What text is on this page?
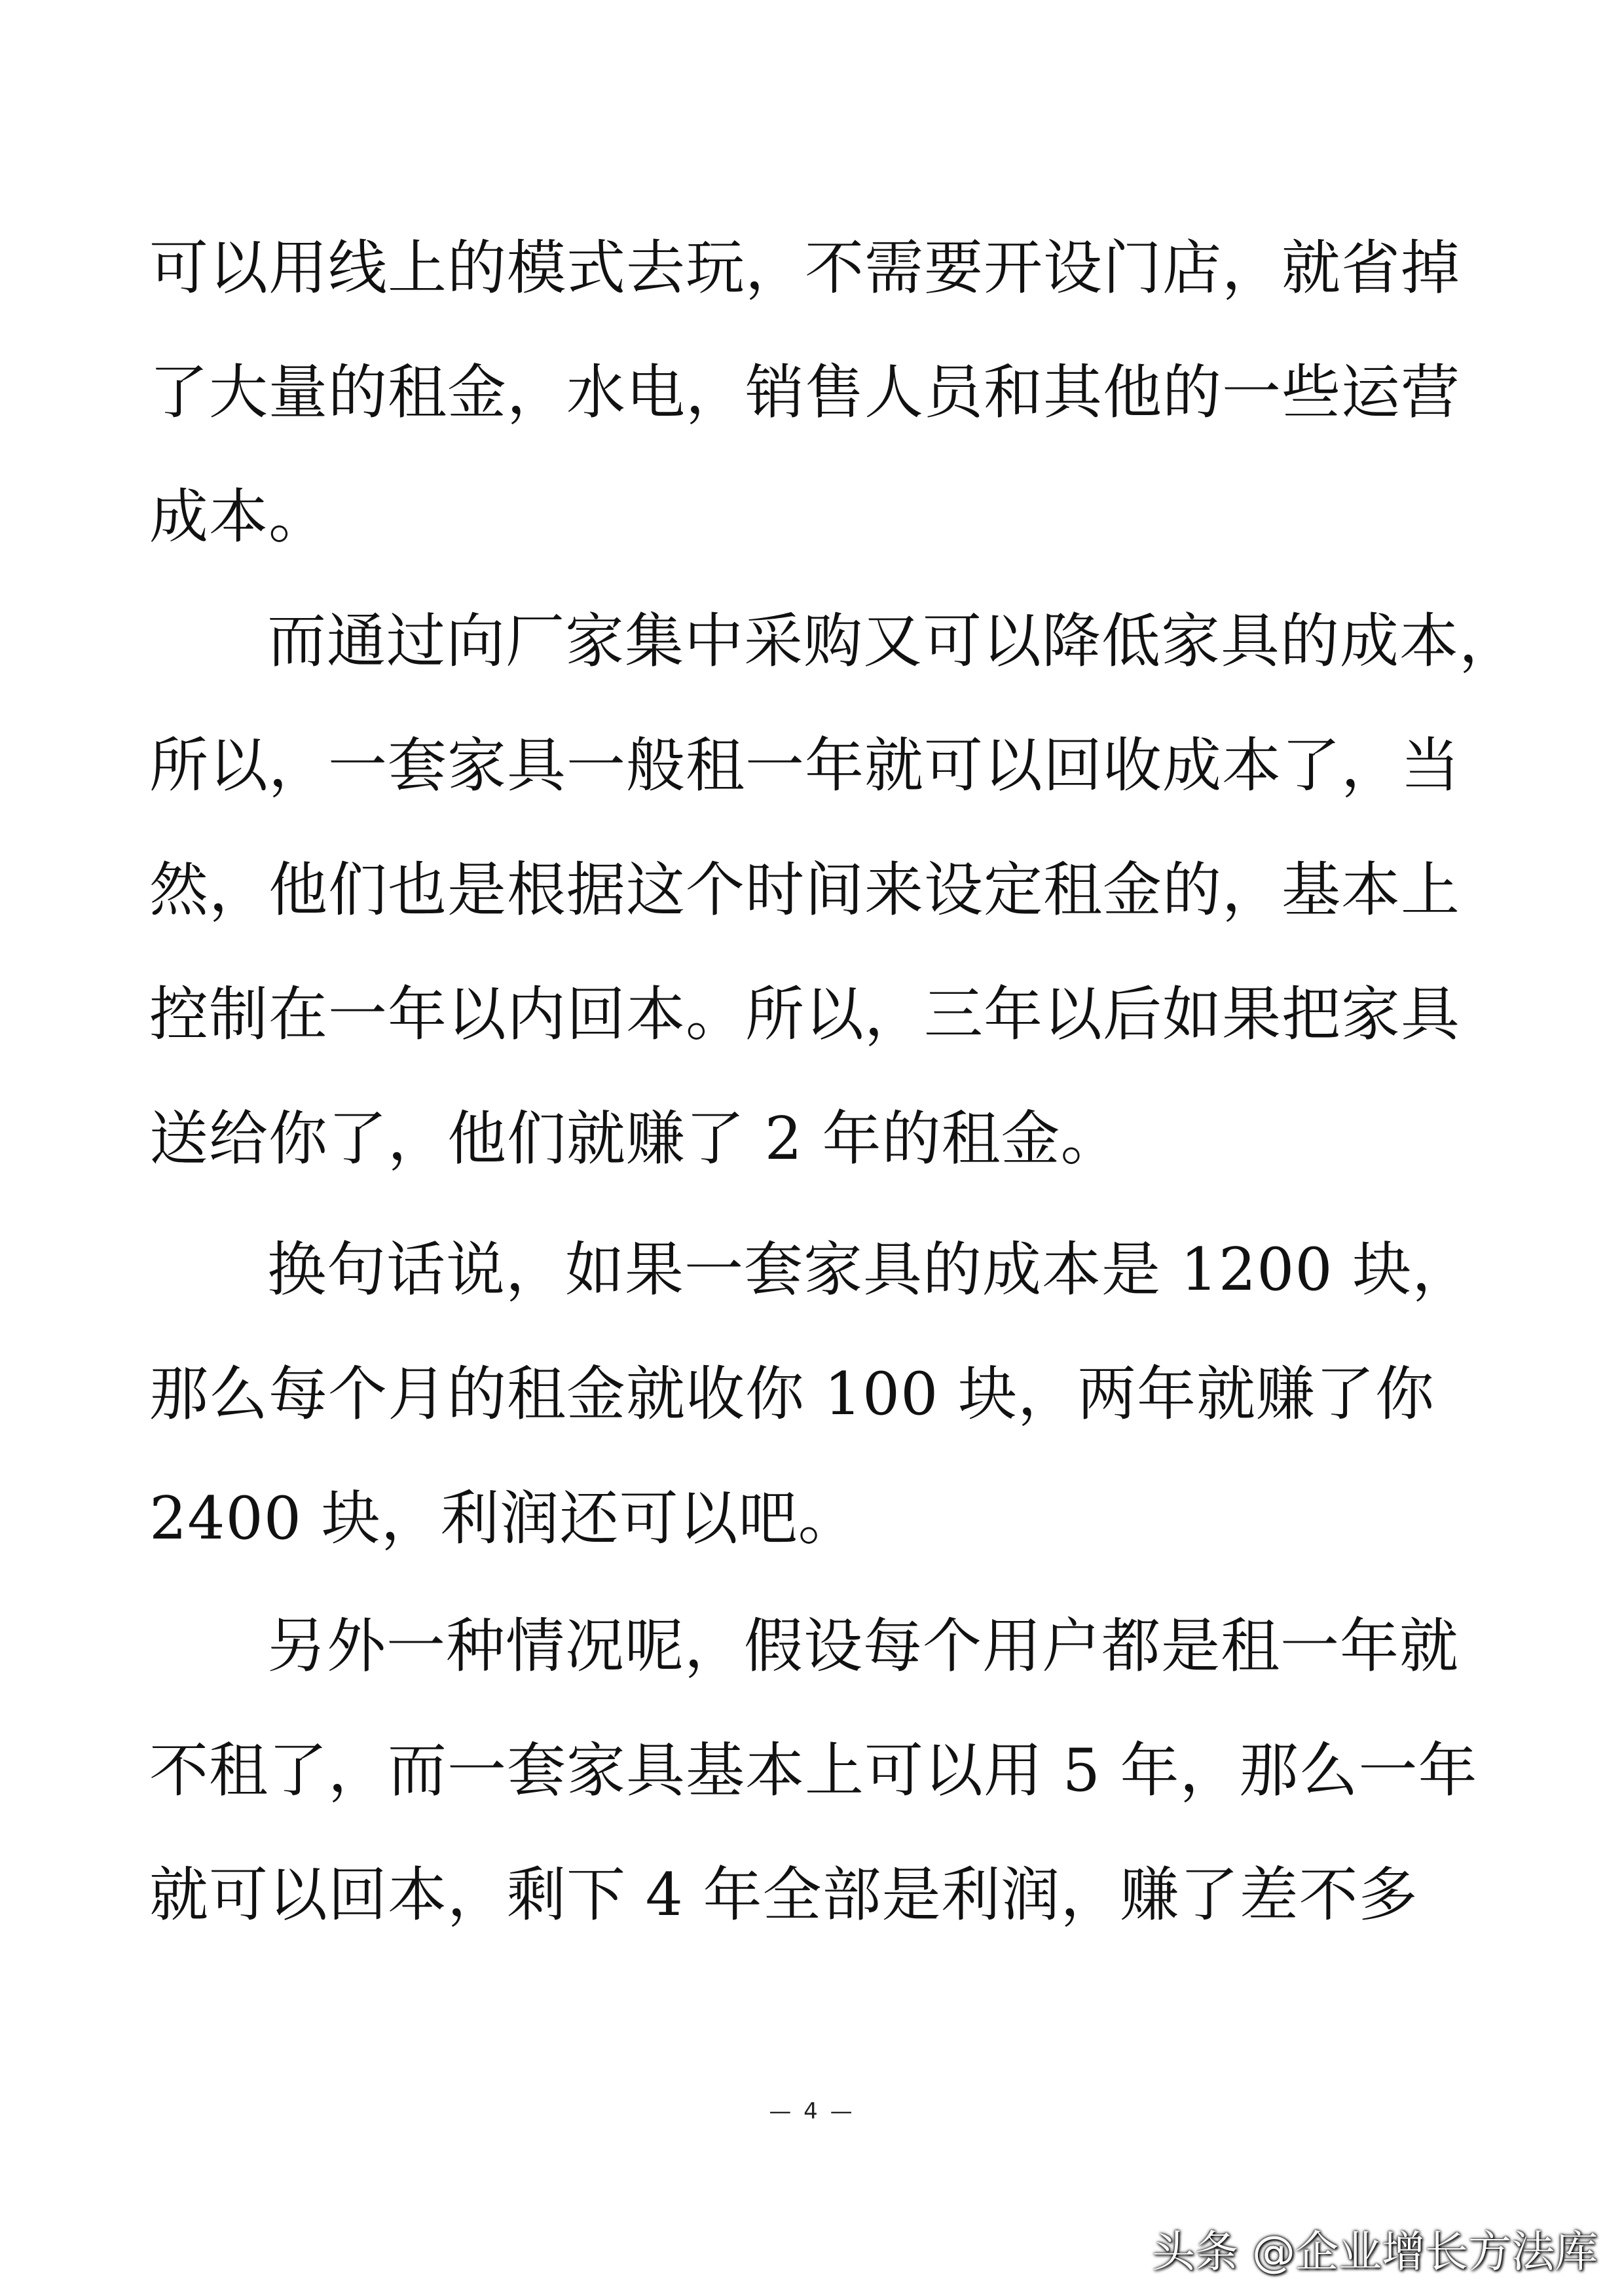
可以用线上的模式去玩，不需要开设门店，就省掉
了大量的租金，水电，销售人员和其他的一些运营
成本。
而通过向厂家集中采购又可以降低家具的成本，
所以，一套家具一般租一年就可以回收成本了，当
然，他们也是根据这个时间来设定租金的，基本上
控制在一年以内回本。所以，三年以后如果把家具
送给你了，他们就赚了 2 年的租金。
换句话说，如果一套家具的成本是 1200 块，
那么每个月的租金就收你 100 块，两年就赚了你
2400 块，利润还可以吧。
另外一种情况呢，假设每个用户都是租一年就
不租了，而一套家具基本上可以用 5 年，那么一年
就可以回本，剩下 4 年全部是利润，赚了差不多
— 4 —
头条 @企业增长方法库
